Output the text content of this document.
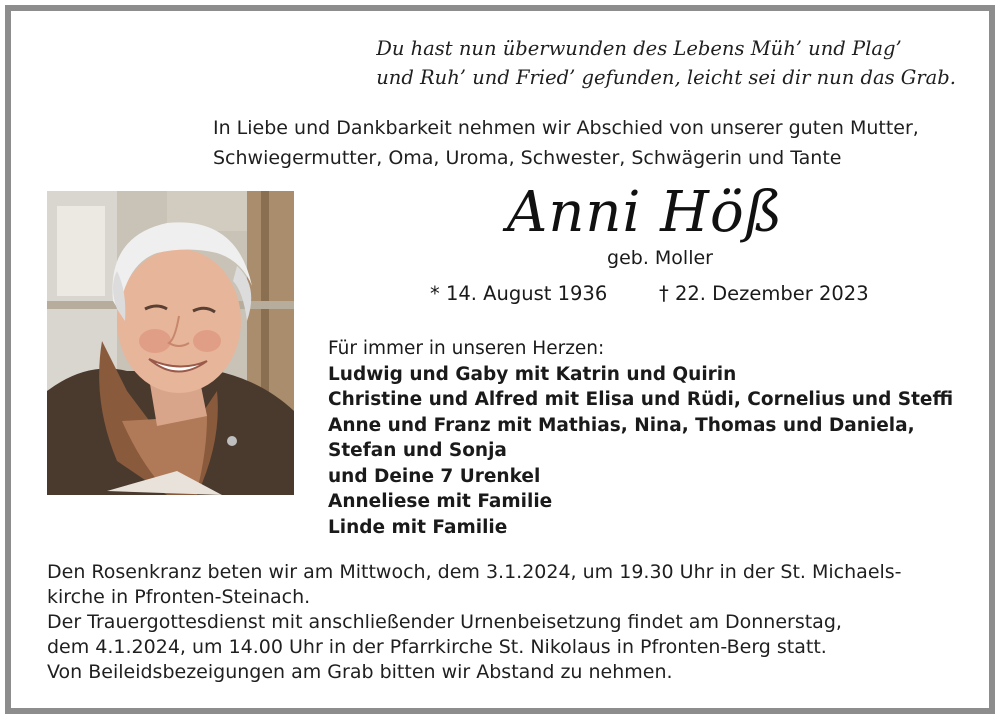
Du hast nun überwunden des Lebens Müh’ und Plag’
und Ruh’ und Fried’ gefunden, leicht sei dir nun das Grab.
In Liebe und Dankbarkeit nehmen wir Abschied von unserer guten Mutter,
Schwiegermutter, Oma, Uroma, Schwester, Schwägerin und Tante
Anni Höß
geb. Moller
* 14. August 1936	† 22. Dezember 2023
Für immer in unseren Herzen:
Ludwig und Gaby mit Katrin und Quirin
Christine und Alfred mit Elisa und Rüdi, Cornelius und Steffi
Anne und Franz mit Mathias, Nina, Thomas und Daniela,
Stefan und Sonja
und Deine 7 Urenkel
Anneliese mit Familie
Linde mit Familie
Den Rosenkranz beten wir am Mittwoch, dem 3.1.2024, um 19.30 Uhr in der St. Michaels-
kirche in Pfronten-Steinach.
Der Trauergottesdienst mit anschließender Urnenbeisetzung findet am Donnerstag,
dem 4.1.2024, um 14.00 Uhr in der Pfarrkirche St. Nikolaus in Pfronten-Berg statt.
Von Beileidsbezeigungen am Grab bitten wir Abstand zu nehmen.
